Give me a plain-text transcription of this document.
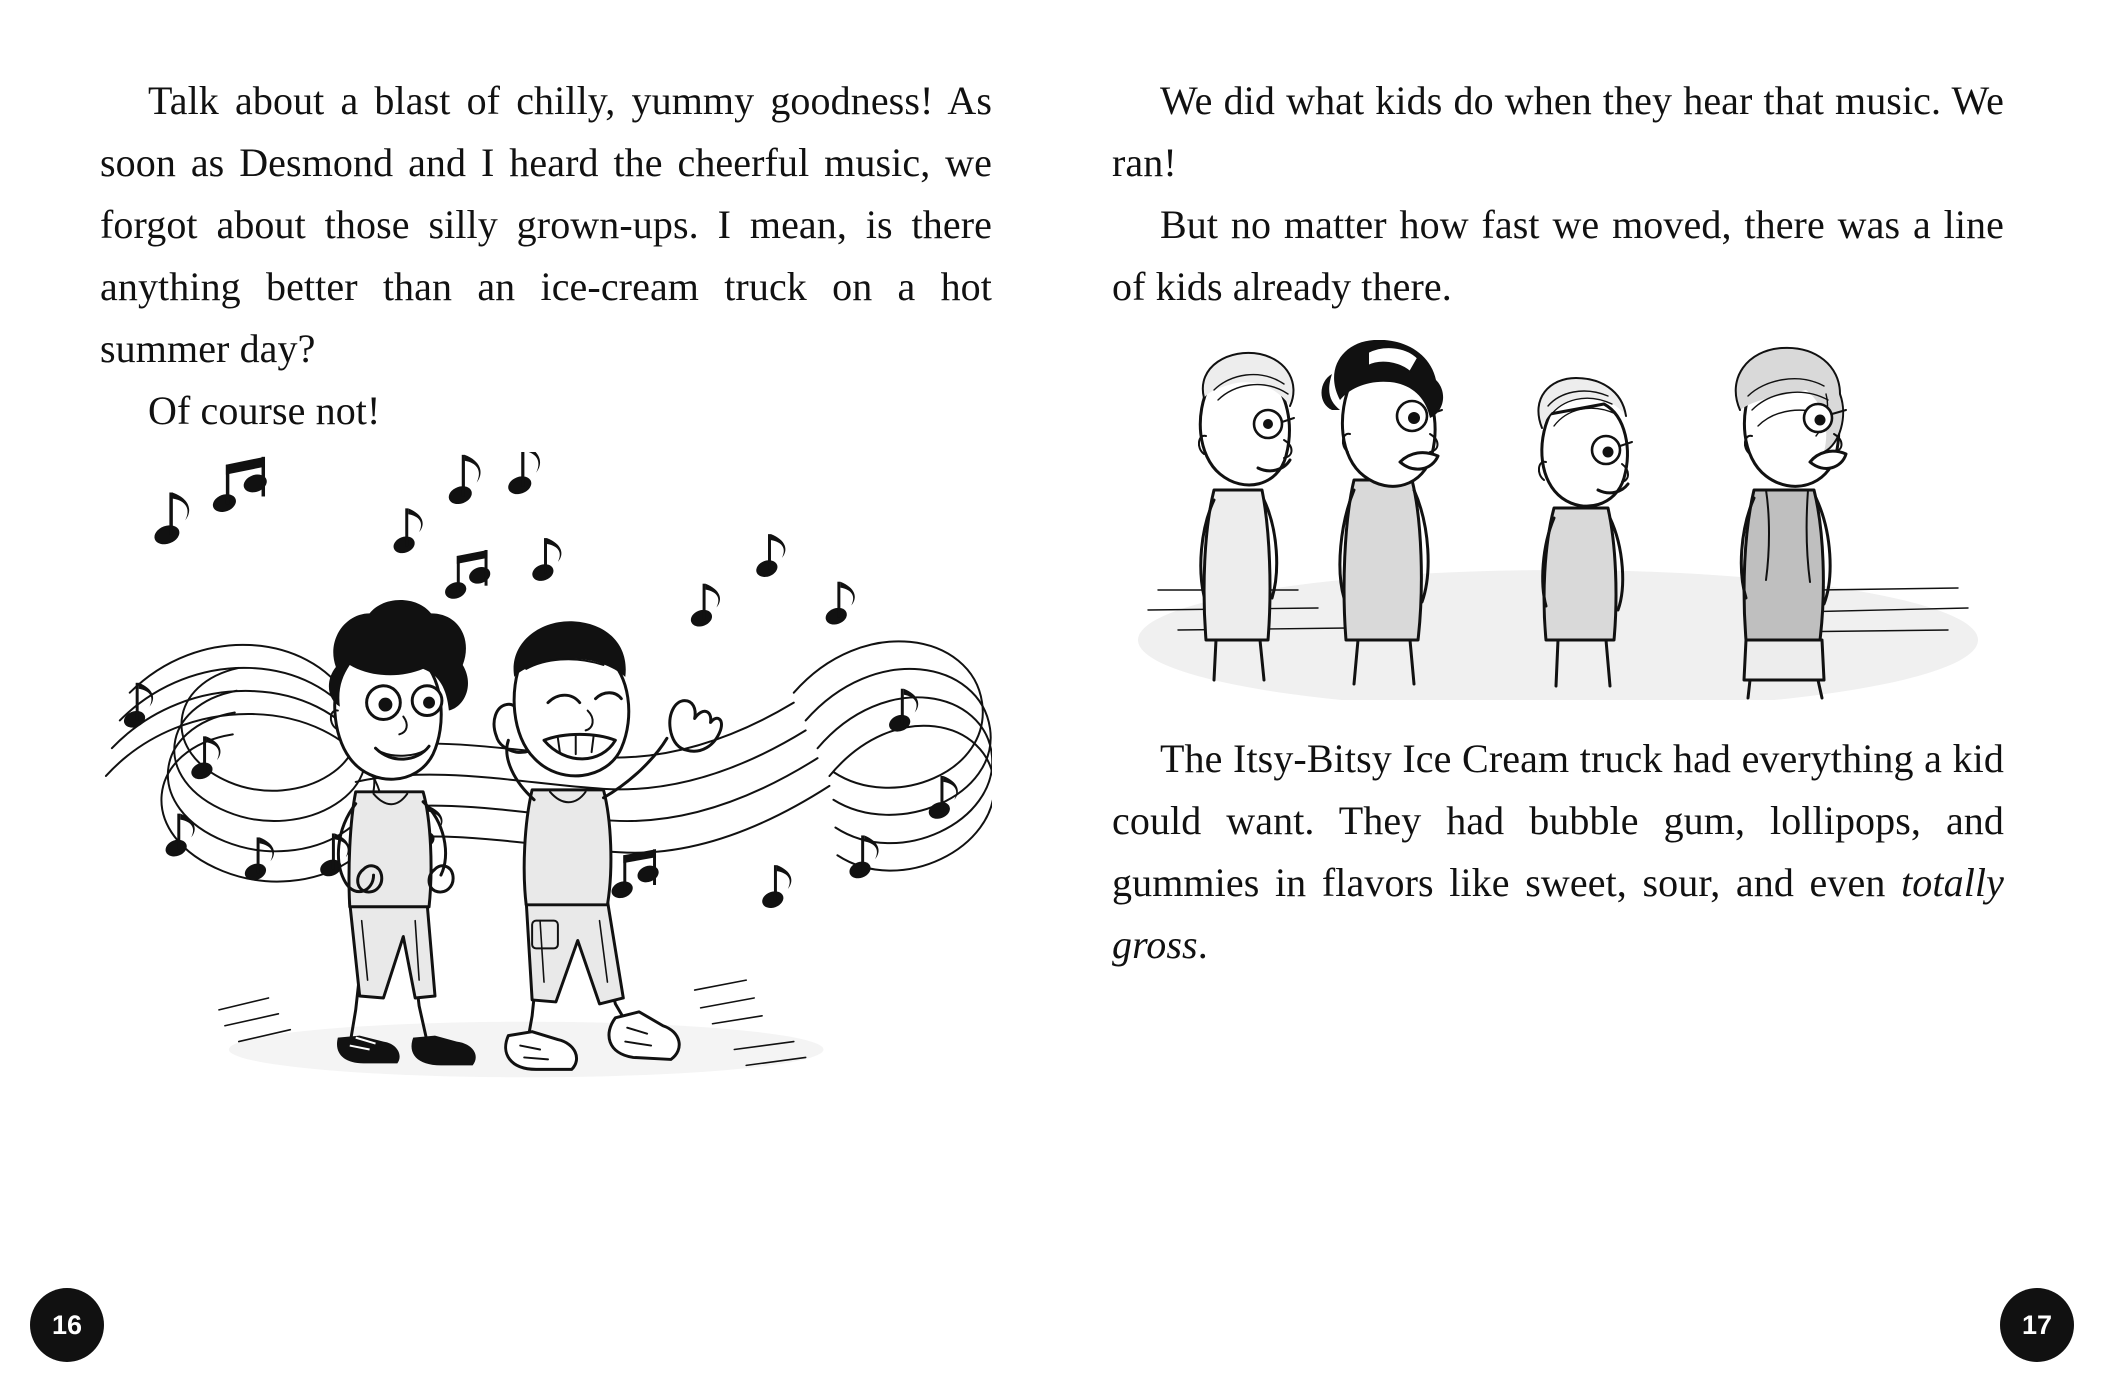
Talk about a blast of chilly, yummy goodness! As soon as Desmond and I heard the cheerful music, we forgot about those silly grown-ups. I mean, is there anything better than an ice-cream truck on a hot summer day?

Of course not!

16

We did what kids do when they hear that music. We ran!

But no matter how fast we moved, there was a line of kids already there.

The Itsy-Bitsy Ice Cream truck had everything a kid could want. They had bubble gum, lollipops, and gummies in flavors like sweet, sour, and even totally gross.

17
